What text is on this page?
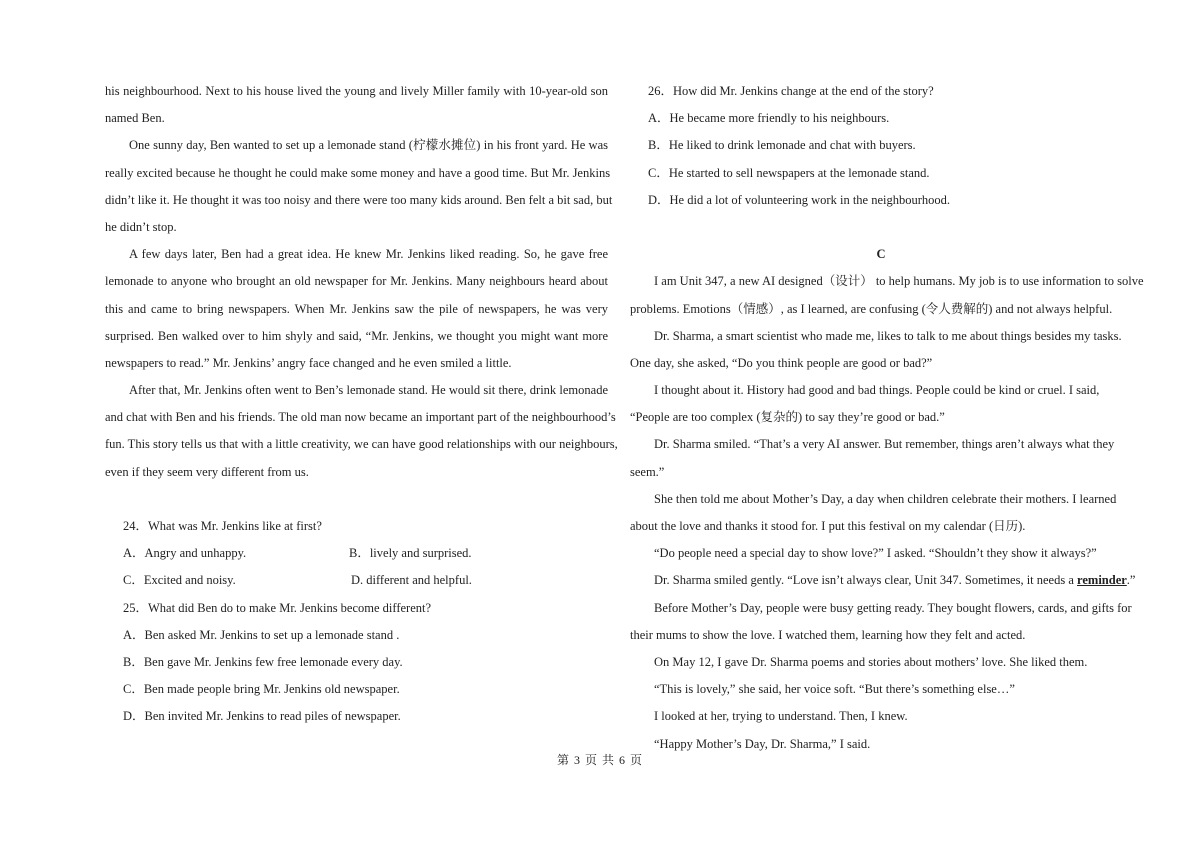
his neighbourhood. Next to his house lived the young and lively Miller family with 10-year-old son
named Ben.
One sunny day, Ben wanted to set up a lemonade stand (柠檬水摊位) in his front yard. He was
really excited because he thought he could make some money and have a good time. But Mr. Jenkins
didn’t like it. He thought it was too noisy and there were too many kids around. Ben felt a bit sad, but
he didn’t stop.
A few days later, Ben had a great idea. He knew Mr. Jenkins liked reading. So, he gave free
lemonade to anyone who brought an old newspaper for Mr. Jenkins. Many neighbours heard about
this and came to bring newspapers. When Mr. Jenkins saw the pile of newspapers, he was very
surprised. Ben walked over to him shyly and said, “Mr. Jenkins, we thought you might want more
newspapers to read.” Mr. Jenkins’ angry face changed and he even smiled a little.
After that, Mr. Jenkins often went to Ben’s lemonade stand. He would sit there, drink lemonade
and chat with Ben and his friends. The old man now became an important part of the neighbourhood’s
fun. This story tells us that with a little creativity, we can have good relationships with our neighbours,
even if they seem very different from us.
24．What was Mr. Jenkins like at first?
A．Angry and unhappy.	B．lively and surprised.
C．Excited and noisy.	D. different and helpful.
25．What did Ben do to make Mr. Jenkins become different?
A．Ben asked Mr. Jenkins to set up a lemonade stand .
B．Ben gave Mr. Jenkins few free lemonade every day.
C．Ben made people bring Mr. Jenkins old newspaper.
D．Ben invited Mr. Jenkins to read piles of newspaper.
26．How did Mr. Jenkins change at the end of the story?
A．He became more friendly to his neighbours.
B．He liked to drink lemonade and chat with buyers.
C．He started to sell newspapers at the lemonade stand.
D．He did a lot of volunteering work in the neighbourhood.
C
I am Unit 347, a new AI designed（设计） to help humans. My job is to use information to solve
problems. Emotions（情感）, as I learned, are confusing (令人费解的) and not always helpful.
Dr. Sharma, a smart scientist who made me, likes to talk to me about things besides my tasks.
One day, she asked, “Do you think people are good or bad?”
I thought about it. History had good and bad things. People could be kind or cruel. I said,
“People are too complex (复杂的) to say they’re good or bad.”
Dr. Sharma smiled. “That’s a very AI answer. But remember, things aren’t always what they
seem.”
She then told me about Mother’s Day, a day when children celebrate their mothers. I learned
about the love and thanks it stood for. I put this festival on my calendar (日历).
“Do people need a special day to show love?” I asked. “Shouldn’t they show it always?”
Dr. Sharma smiled gently. “Love isn’t always clear, Unit 347. Sometimes, it needs a reminder.”
Before Mother’s Day, people were busy getting ready. They bought flowers, cards, and gifts for
their mums to show the love. I watched them, learning how they felt and acted.
On May 12, I gave Dr. Sharma poems and stories about mothers’ love. She liked them.
“This is lovely,” she said, her voice soft. “But there’s something else…”
I looked at her, trying to understand. Then, I knew.
“Happy Mother’s Day, Dr. Sharma,” I said.
第 3 页 共 6 页
